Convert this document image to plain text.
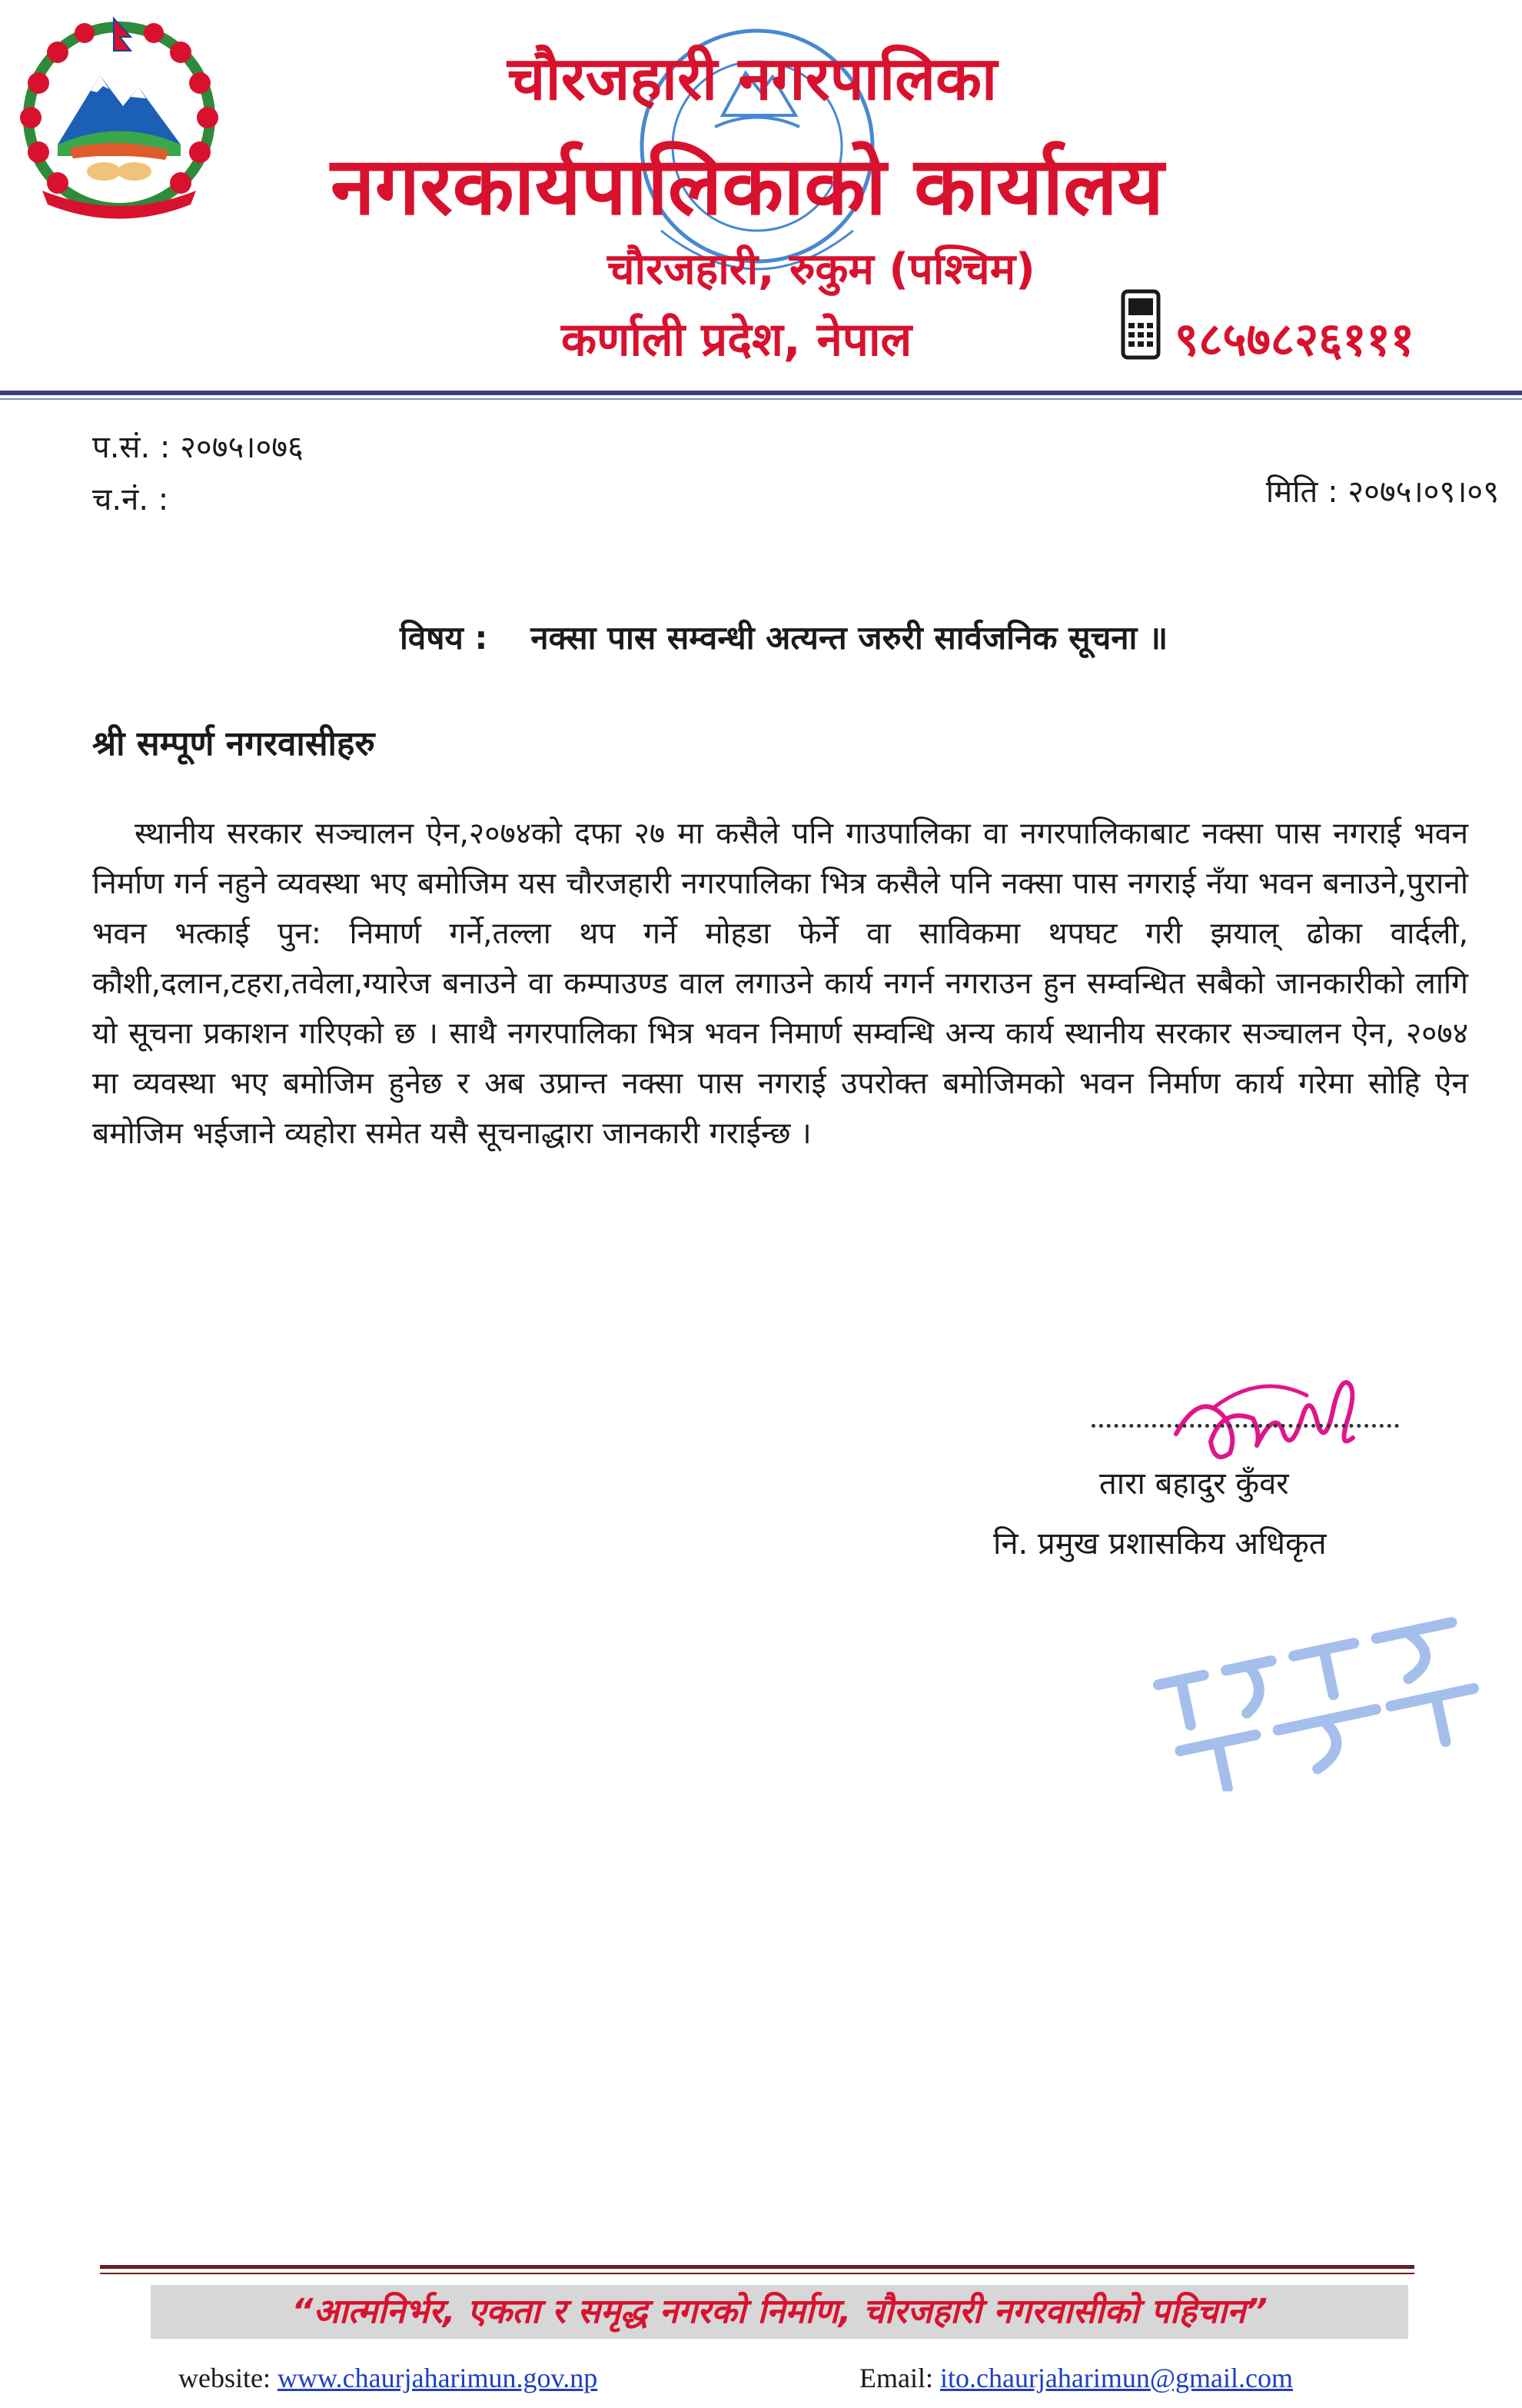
चौरजहारी नगरपालिका
नगरकार्यपालिकाको कार्यालय
चौरजहारी, रुकुम (पश्चिम)
कर्णाली प्रदेश, नेपाल	९८५७८२६१११
प.सं. : २०७५।०७६
च.नं. :	मिति : २०७५।०९।०९
विषय : नक्सा पास सम्वन्धी अत्यन्त जरुरी सार्वजनिक सूचना ॥
श्री सम्पूर्ण नगरवासीहरु
स्थानीय सरकार सञ्चालन ऐन,२०७४को दफा २७ मा कसैले पनि गाउपालिका वा नगरपालिकाबाट नक्सा पास नगराई भवन निर्माण गर्न नहुने व्यवस्था भए बमोजिम यस चौरजहारी नगरपालिका भित्र कसैले पनि नक्सा पास नगराई नँया भवन बनाउने,पुरानो भवन भत्काई पुन: निमार्ण गर्ने,तल्ला थप गर्ने मोहडा फेर्ने वा साविकमा थपघट गरी झयाल् ढोका वार्दली, कौशी,दलान,टहरा,तवेला,ग्यारेज बनाउने वा कम्पाउण्ड वाल लगाउने कार्य नगर्न नगराउन हुन सम्वन्धित सबैको जानकारीको लागि यो सूचना प्रकाशन गरिएको छ । साथै नगरपालिका भित्र भवन निमार्ण सम्वन्धि अन्य कार्य स्थानीय सरकार सञ्चालन ऐन, २०७४ मा व्यवस्था भए बमोजिम हुनेछ र अब उप्रान्त नक्सा पास नगराई उपरोक्त बमोजिमको भवन निर्माण कार्य गरेमा सोहि ऐन बमोजिम भईजाने व्यहोरा समेत यसै सूचनाद्धारा जानकारी गराईन्छ ।
तारा बहादुर कुँवर
नि. प्रमुख प्रशासकिय अधिकृत
“आत्मनिर्भर, एकता र समृद्ध नगरको निर्माण, चौरजहारी नगरवासीको पहिचान”
website: www.chaurjaharimun.gov.np	Email: ito.chaurjaharimun@gmail.com
